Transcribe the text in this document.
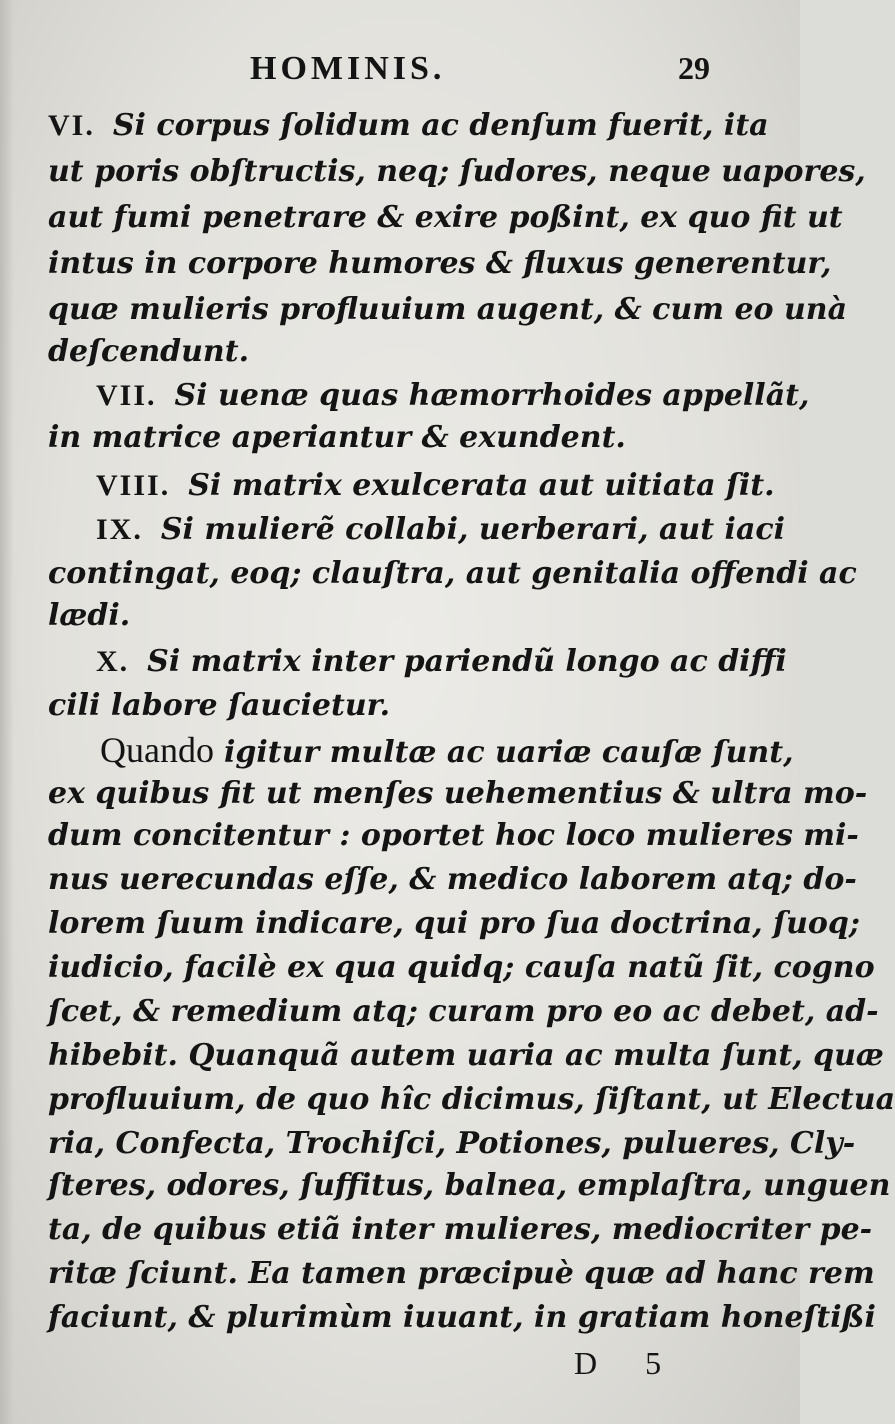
HOMINIS.	29
VI. Si corpus ſolidum ac denſum fuerit, ita
ut poris obſtructis, neq; ſudores, neque uapores,
aut fumi penetrare & exire poßint, ex quo fit ut
intus in corpore humores & fluxus generentur,
quæ mulieris profluuium augent, & cum eo unà
deſcendunt.
VII. Si uenæ quas hæmorrhoides appellãt,
in matrice aperiantur & exundent.
VIII. Si matrix exulcerata aut uitiata ſit.
IX. Si mulierẽ collabi, uerberari, aut iaci
contingat, eoq; clauſtra, aut genitalia offendi ac
lædi.
X. Si matrix inter pariendũ longo ac diffi
cili labore ſaucietur.
Quando igitur multæ ac uariæ cauſæ ſunt,
ex quibus fit ut menſes uehementius & ultra mo-
dum concitentur : oportet hoc loco mulieres mi-
nus uerecundas eſſe, & medico laborem atq; do-
lorem ſuum indicare, qui pro ſua doctrina, ſuoq;
iudicio, facilè ex qua quidq; cauſa natũ ſit, cogno
ſcet, & remedium atq; curam pro eo ac debet, ad-
hibebit. Quanquã autem uaria ac multa ſunt, quæ
profluuium, de quo hîc dicimus, ſiſtant, ut Electua
ria, Confecta, Trochiſci, Potiones, pulueres, Cly-
ſteres, odores, ſuffitus, balnea, emplaſtra, unguen
ta, de quibus etiã inter mulieres, mediocriter pe-
ritæ ſciunt. Ea tamen præcipuè quæ ad hanc rem
faciunt, & plurimùm iuuant, in gratiam honeſtißi
D 5
